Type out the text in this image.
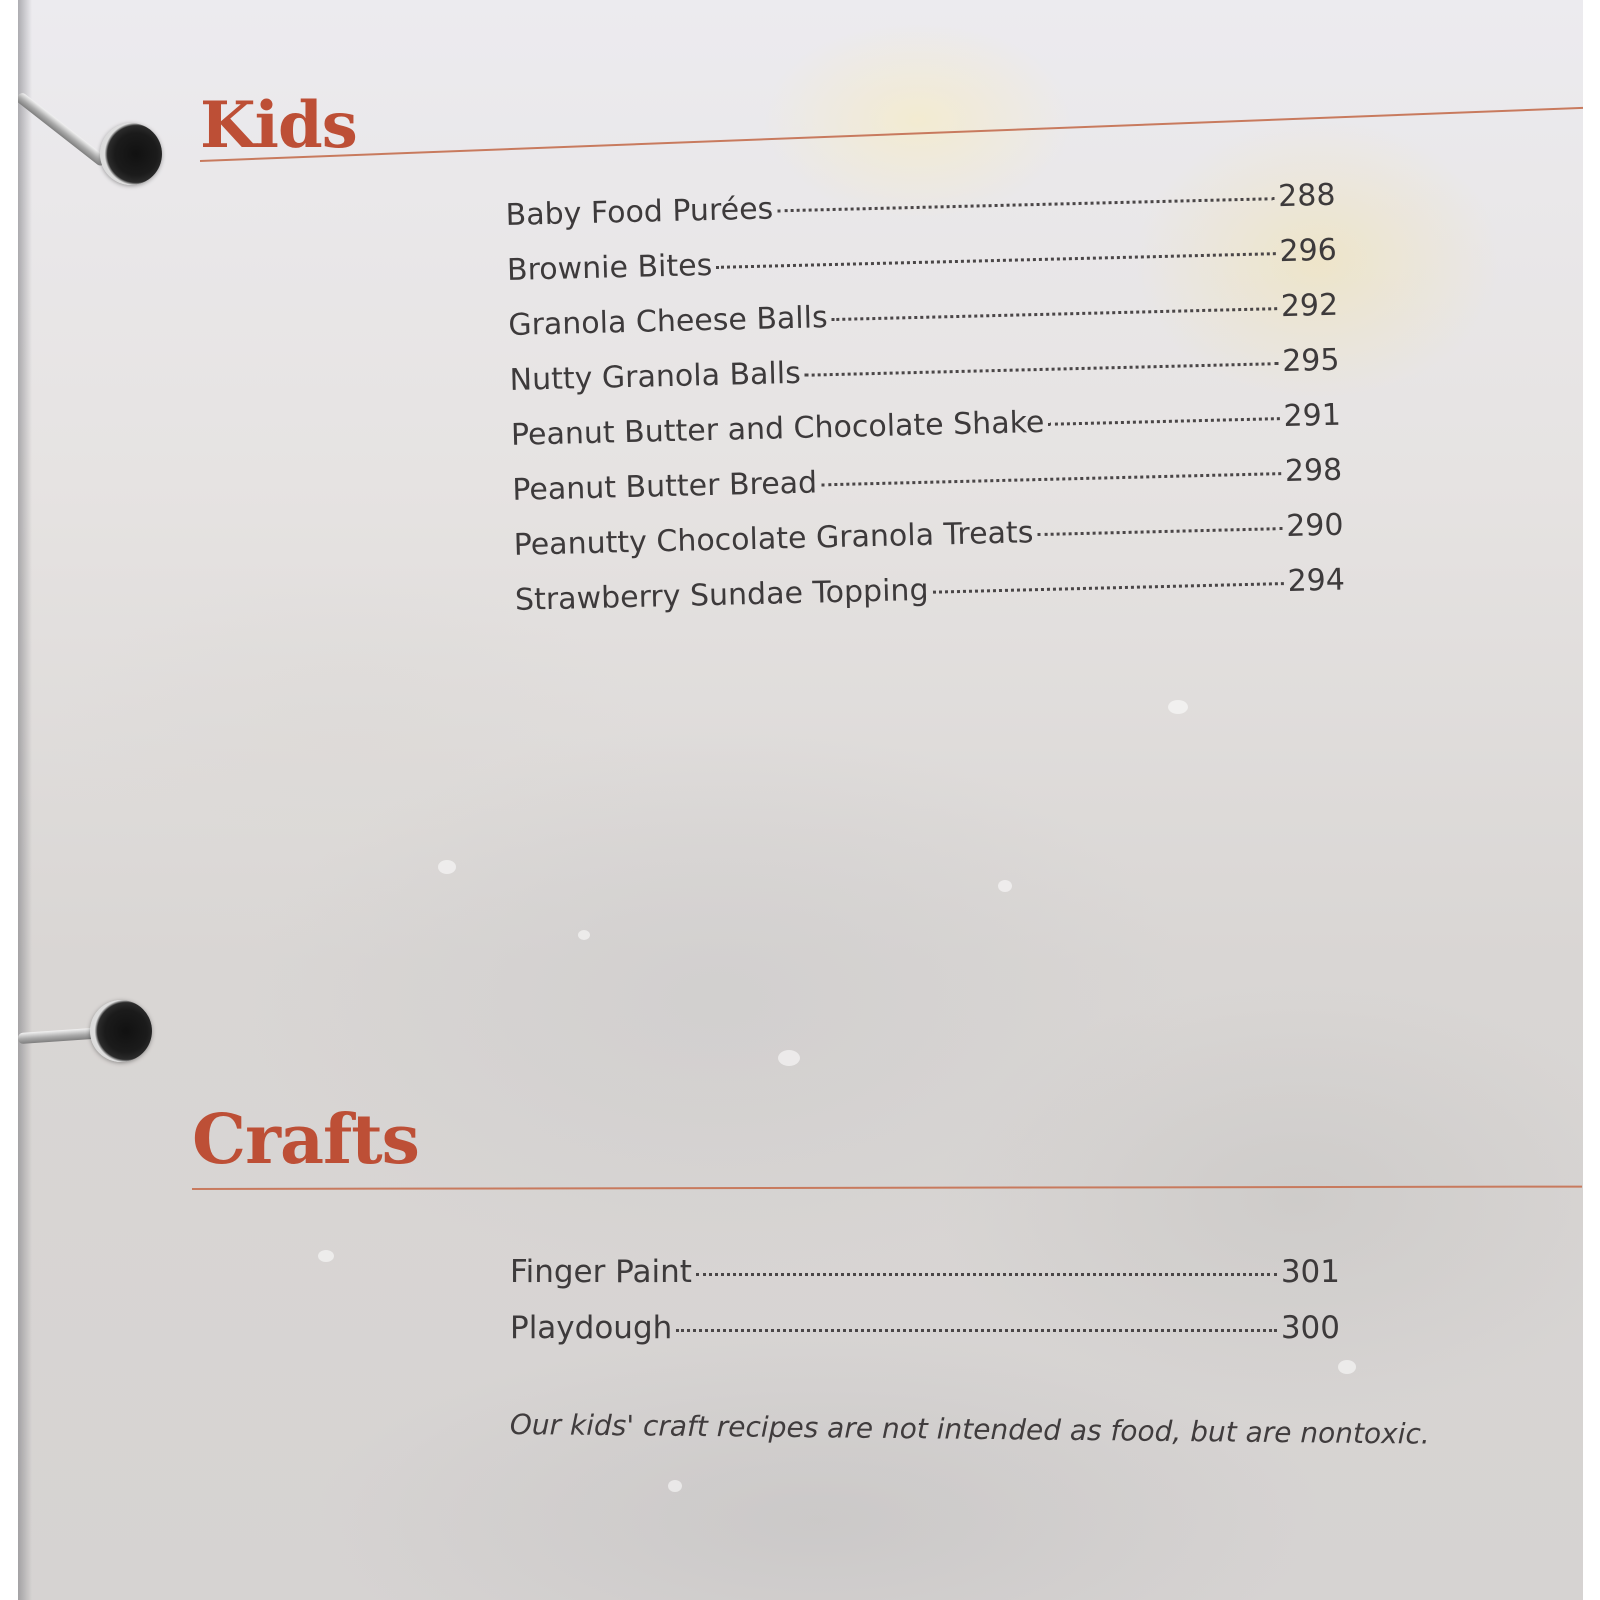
Kids
Baby Food Purées	288
Brownie Bites	296
Granola Cheese Balls	292
Nutty Granola Balls	295
Peanut Butter and Chocolate Shake	291
Peanut Butter Bread	298
Peanutty Chocolate Granola Treats	290
Strawberry Sundae Topping	294
Crafts
Finger Paint	301
Playdough	300

Our kids' craft recipes are not intended as food, but are nontoxic.
